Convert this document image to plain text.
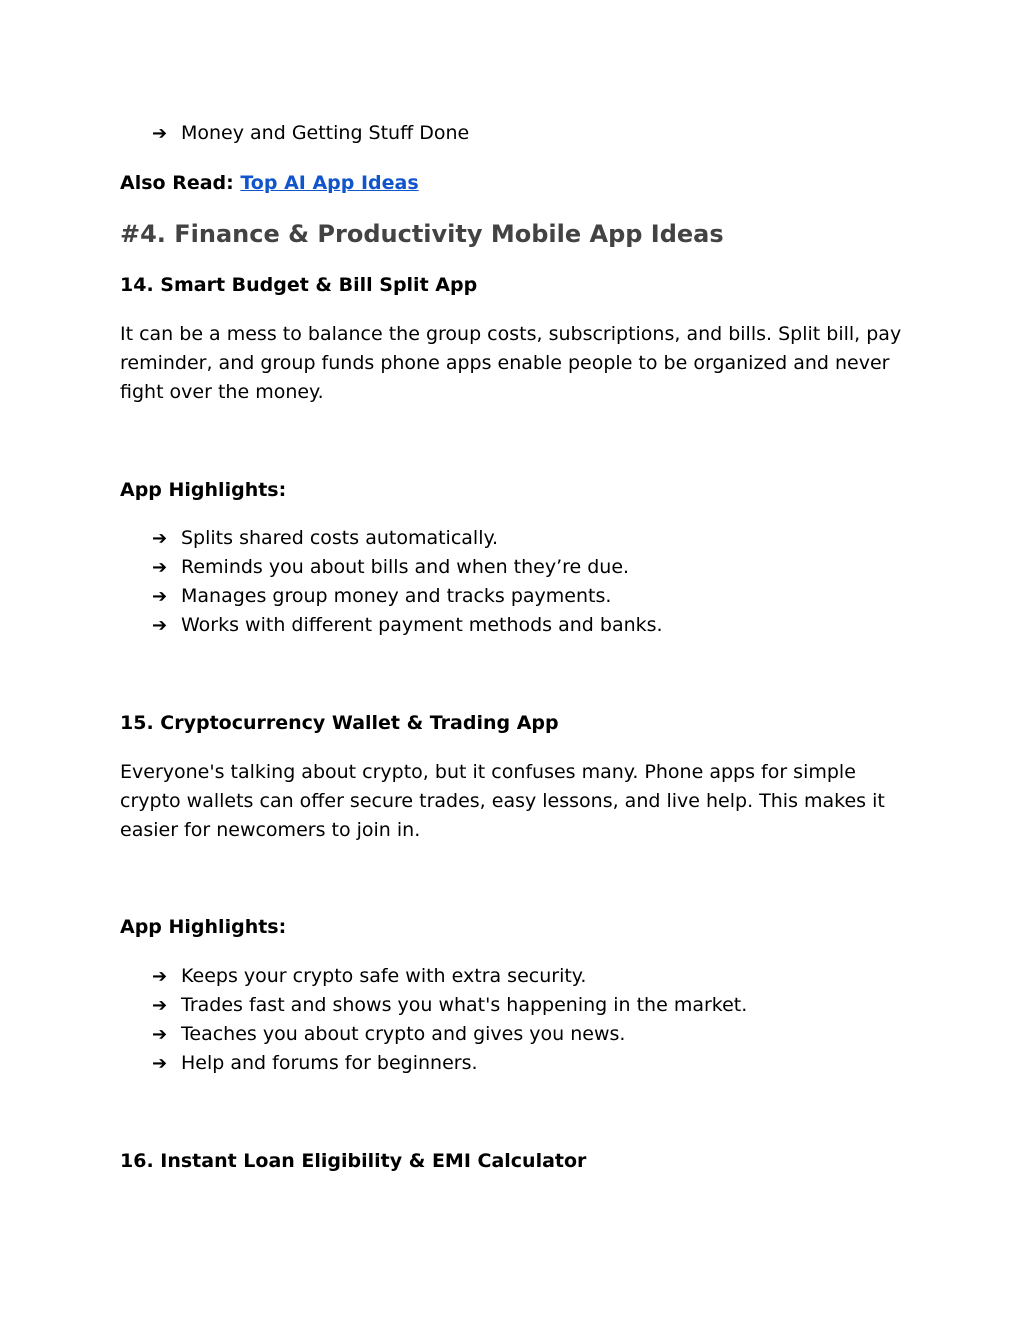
➔ Money and Getting Stuff Done

Also Read: Top AI App Ideas

#4. Finance & Productivity Mobile App Ideas
14. Smart Budget & Bill Split App

It can be a mess to balance the group costs, subscriptions, and bills. Split bill, pay reminder, and group funds phone apps enable people to be organized and never fight over the money.

App Highlights:
➔ Splits shared costs automatically.
➔ Reminds you about bills and when they’re due.
➔ Manages group money and tracks payments.
➔ Works with different payment methods and banks.
15. Cryptocurrency Wallet & Trading App

Everyone's talking about crypto, but it confuses many. Phone apps for simple crypto wallets can offer secure trades, easy lessons, and live help. This makes it easier for newcomers to join in.

App Highlights:
➔ Keeps your crypto safe with extra security.
➔ Trades fast and shows you what's happening in the market.
➔ Teaches you about crypto and gives you news.
➔ Help and forums for beginners.
16. Instant Loan Eligibility & EMI Calculator
